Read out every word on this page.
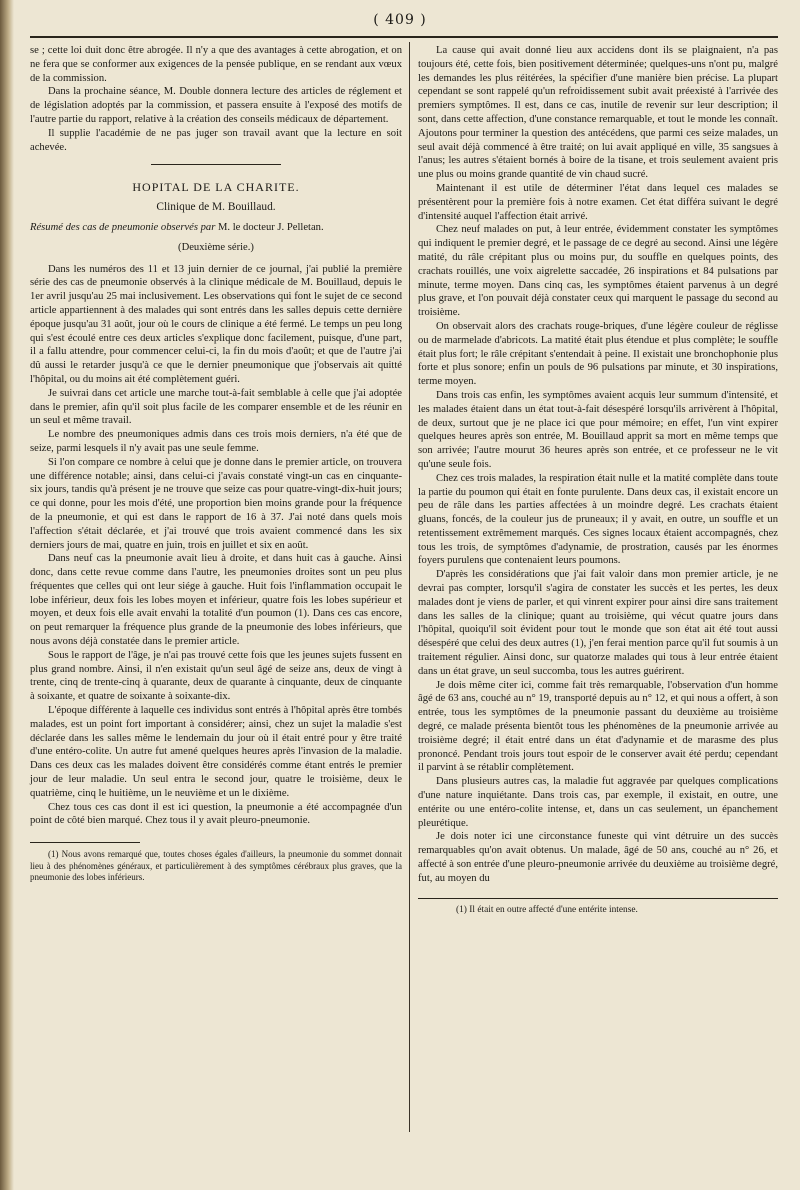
( 409 )

se ; cette loi duit donc être abrogée. Il n'y a que des avantages à cette abrogation, et on ne fera que se conformer aux exigences de la pensée publique, en se rendant aux vœux de la commission.

Dans la prochaine séance, M. Double donnera lecture des articles de réglement et de législation adoptés par la commission, et passera ensuite à l'exposé des motifs de l'autre partie du rapport, relative à la création des conseils médicaux de département.

Il supplie l'académie de ne pas juger son travail avant que la lecture en soit achevée.

HOPITAL DE LA CHARITE.
Clinique de M. Bouillaud.

Résumé des cas de pneumonie observés par M. le docteur J. Pelletan.

(Deuxième série.)

Dans les numéros des 11 et 13 juin dernier de ce journal, j'ai publié la première série des cas de pneumonie observés à la clinique médicale de M. Bouillaud, depuis le 1er avril jusqu'au 25 mai inclusivement. Les observations qui font le sujet de ce second article appartiennent à des malades qui sont entrés dans les salles depuis cette dernière époque jusqu'au 31 août, jour où le cours de clinique a été fermé. Le temps un peu long qui s'est écoulé entre ces deux articles s'explique donc facilement, puisque, d'une part, il a fallu attendre, pour commencer celui-ci, la fin du mois d'août; et que de l'autre j'ai dû aussi le retarder jusqu'à ce que le dernier pneumonique que j'observais ait quitté l'hôpital, ou du moins ait été complètement guéri.

Je suivrai dans cet article une marche tout-à-fait semblable à celle que j'ai adoptée dans le premier, afin qu'il soit plus facile de les comparer ensemble et de les réunir en un seul et même travail.

Le nombre des pneumoniques admis dans ces trois mois derniers, n'a été que de seize, parmi lesquels il n'y avait pas une seule femme.

Si l'on compare ce nombre à celui que je donne dans le premier article, on trouvera une différence notable; ainsi, dans celui-ci j'avais constaté vingt-un cas en cinquante-six jours, tandis qu'à présent je ne trouve que seize cas pour quatre-vingt-dix-huit jours; ce qui donne, pour les mois d'été, une proportion bien moins grande pour la fréquence de la pneumonie, et qui est dans le rapport de 16 à 37. J'ai noté dans quels mois l'affection s'était déclarée, et j'ai trouvé que trois avaient commencé dans les six derniers jours de mai, quatre en juin, trois en juillet et six en août.

Dans neuf cas la pneumonie avait lieu à droite, et dans huit cas à gauche. Ainsi donc, dans cette revue comme dans l'autre, les pneumonies droites sont un peu plus fréquentes que celles qui ont leur siége à gauche. Huit fois l'inflammation occupait le lobe inférieur, deux fois les lobes moyen et inférieur, quatre fois les lobes supérieur et moyen, et deux fois elle avait envahi la totalité d'un poumon (1). Dans ces cas encore, on peut remarquer la fréquence plus grande de la pneumonie des lobes inférieurs, que nous avons déjà constatée dans le premier article.

Sous le rapport de l'âge, je n'ai pas trouvé cette fois que les jeunes sujets fussent en plus grand nombre. Ainsi, il n'en existait qu'un seul âgé de seize ans, deux de vingt à trente, cinq de trente-cinq à quarante, deux de quarante à cinquante, deux de cinquante à soixante, et quatre de soixante à soixante-dix.

L'époque différente à laquelle ces individus sont entrés à l'hôpital après être tombés malades, est un point fort important à considérer; ainsi, chez un sujet la maladie s'est déclarée dans les salles même le lendemain du jour où il était entré pour y être traité d'une entéro-colite. Un autre fut amené quelques heures après l'invasion de la maladie. Dans ces deux cas les malades doivent être considérés comme étant entrés le premier jour de leur maladie. Un seul entra le second jour, quatre le troisième, deux le quatrième, cinq le huitième, un le neuvième et un le dixième.

Chez tous ces cas dont il est ici question, la pneumonie a été accompagnée d'un point de côté bien marqué. Chez tous il y avait pleuro-pneumonie.

(1) Nous avons remarqué que, toutes choses égales d'ailleurs, la pneumonie du sommet donnait lieu à des phénomènes généraux, et particulièrement à des symptômes cérébraux plus graves, que la pneumonie des lobes inférieurs.

La cause qui avait donné lieu aux accidens dont ils se plaignaient, n'a pas toujours été, cette fois, bien positivement déterminée; quelques-uns n'ont pu, malgré les demandes les plus réitérées, la spécifier d'une manière bien précise. La plupart cependant se sont rappelé qu'un refroidissement subit avait préexisté à l'arrivée des premiers symptômes. Il est, dans ce cas, inutile de revenir sur leur description; il sont, dans cette affection, d'une constance remarquable, et tout le monde les connaît. Ajoutons pour terminer la question des antécédens, que parmi ces seize malades, un seul avait déjà commencé à être traité; on lui avait appliqué en ville, 35 sangsues à l'anus; les autres s'étaient bornés à boire de la tisane, et trois seulement avaient pris une plus ou moins grande quantité de vin chaud sucré.

Maintenant il est utile de déterminer l'état dans lequel ces malades se présentèrent pour la première fois à notre examen. Cet état différa suivant le degré d'intensité auquel l'affection était arrivé.

Chez neuf malades on put, à leur entrée, évidemment constater les symptômes qui indiquent le premier degré, et le passage de ce degré au second. Ainsi une légère matité, du râle crépitant plus ou moins pur, du souffle en quelques points, des crachats rouillés, une voix aigrelette saccadée, 26 inspirations et 84 pulsations par minute, terme moyen. Dans cinq cas, les symptômes étaient parvenus à un degré plus grave, et l'on pouvait déjà constater ceux qui marquent le passage du second au troisième.

On observait alors des crachats rouge-briques, d'une légère couleur de réglisse ou de marmelade d'abricots. La matité était plus étendue et plus complète; le souffle était plus fort; le râle crépitant s'entendait à peine. Il existait une bronchophonie plus forte et plus sonore; enfin un pouls de 96 pulsations par minute, et 30 inspirations, terme moyen.

Dans trois cas enfin, les symptômes avaient acquis leur summum d'intensité, et les malades étaient dans un état tout-à-fait désespéré lorsqu'ils arrivèrent à l'hôpital, de deux, surtout que je ne place ici que pour mémoire; en effet, l'un vint expirer quelques heures après son entrée, M. Bouillaud apprit sa mort en même temps que son arrivée; l'autre mourut 36 heures après son entrée, et ce professeur ne le vit qu'une seule fois.

Chez ces trois malades, la respiration était nulle et la matité complète dans toute la partie du poumon qui était en fonte purulente. Dans deux cas, il existait encore un peu de râle dans les parties affectées à un moindre degré. Les crachats étaient gluans, foncés, de la couleur jus de pruneaux; il y avait, en outre, un souffle et un retentissement extrêmement marqués. Ces signes locaux étaient accompagnés, chez tous les trois, de symptômes d'adynamie, de prostration, causés par les énormes foyers purulens que contenaient leurs poumons.

D'après les considérations que j'ai fait valoir dans mon premier article, je ne devrai pas compter, lorsqu'il s'agira de constater les succès et les pertes, les deux malades dont je viens de parler, et qui vinrent expirer pour ainsi dire sans traitement dans les salles de la clinique; quant au troisième, qui vécut quatre jours dans l'hôpital, quoiqu'il soit évident pour tout le monde que son état ait été tout aussi désespéré que celui des deux autres (1), j'en ferai mention parce qu'il fut soumis à un traitement régulier. Ainsi donc, sur quatorze malades qui tous à leur entrée étaient dans un état grave, un seul succomba, tous les autres guérirent.

Je dois même citer ici, comme fait très remarquable, l'observation d'un homme âgé de 63 ans, couché au n° 19, transporté depuis au n° 12, et qui nous a offert, à son entrée, tous les symptômes de la pneumonie passant du deuxième au troisième degré, ce malade présenta bientôt tous les phénomènes de la pneumonie arrivée au troisième degré; il était entré dans un état d'adynamie et de marasme des plus prononcé. Pendant trois jours tout espoir de le conserver avait été perdu; cependant il parvint à se rétablir complètement.

Dans plusieurs autres cas, la maladie fut aggravée par quelques complications d'une nature inquiétante. Dans trois cas, par exemple, il existait, en outre, une entérite ou une entéro-colite intense, et, dans un cas seulement, un épanchement pleurétique.

Je dois noter ici une circonstance funeste qui vint détruire un des succès remarquables qu'on avait obtenus. Un malade, âgé de 50 ans, couché au n° 26, et affecté à son entrée d'une pleuro-pneumonie arrivée du deuxième au troisième degré, fut, au moyen du

(1) Il était en outre affecté d'une entérite intense.
